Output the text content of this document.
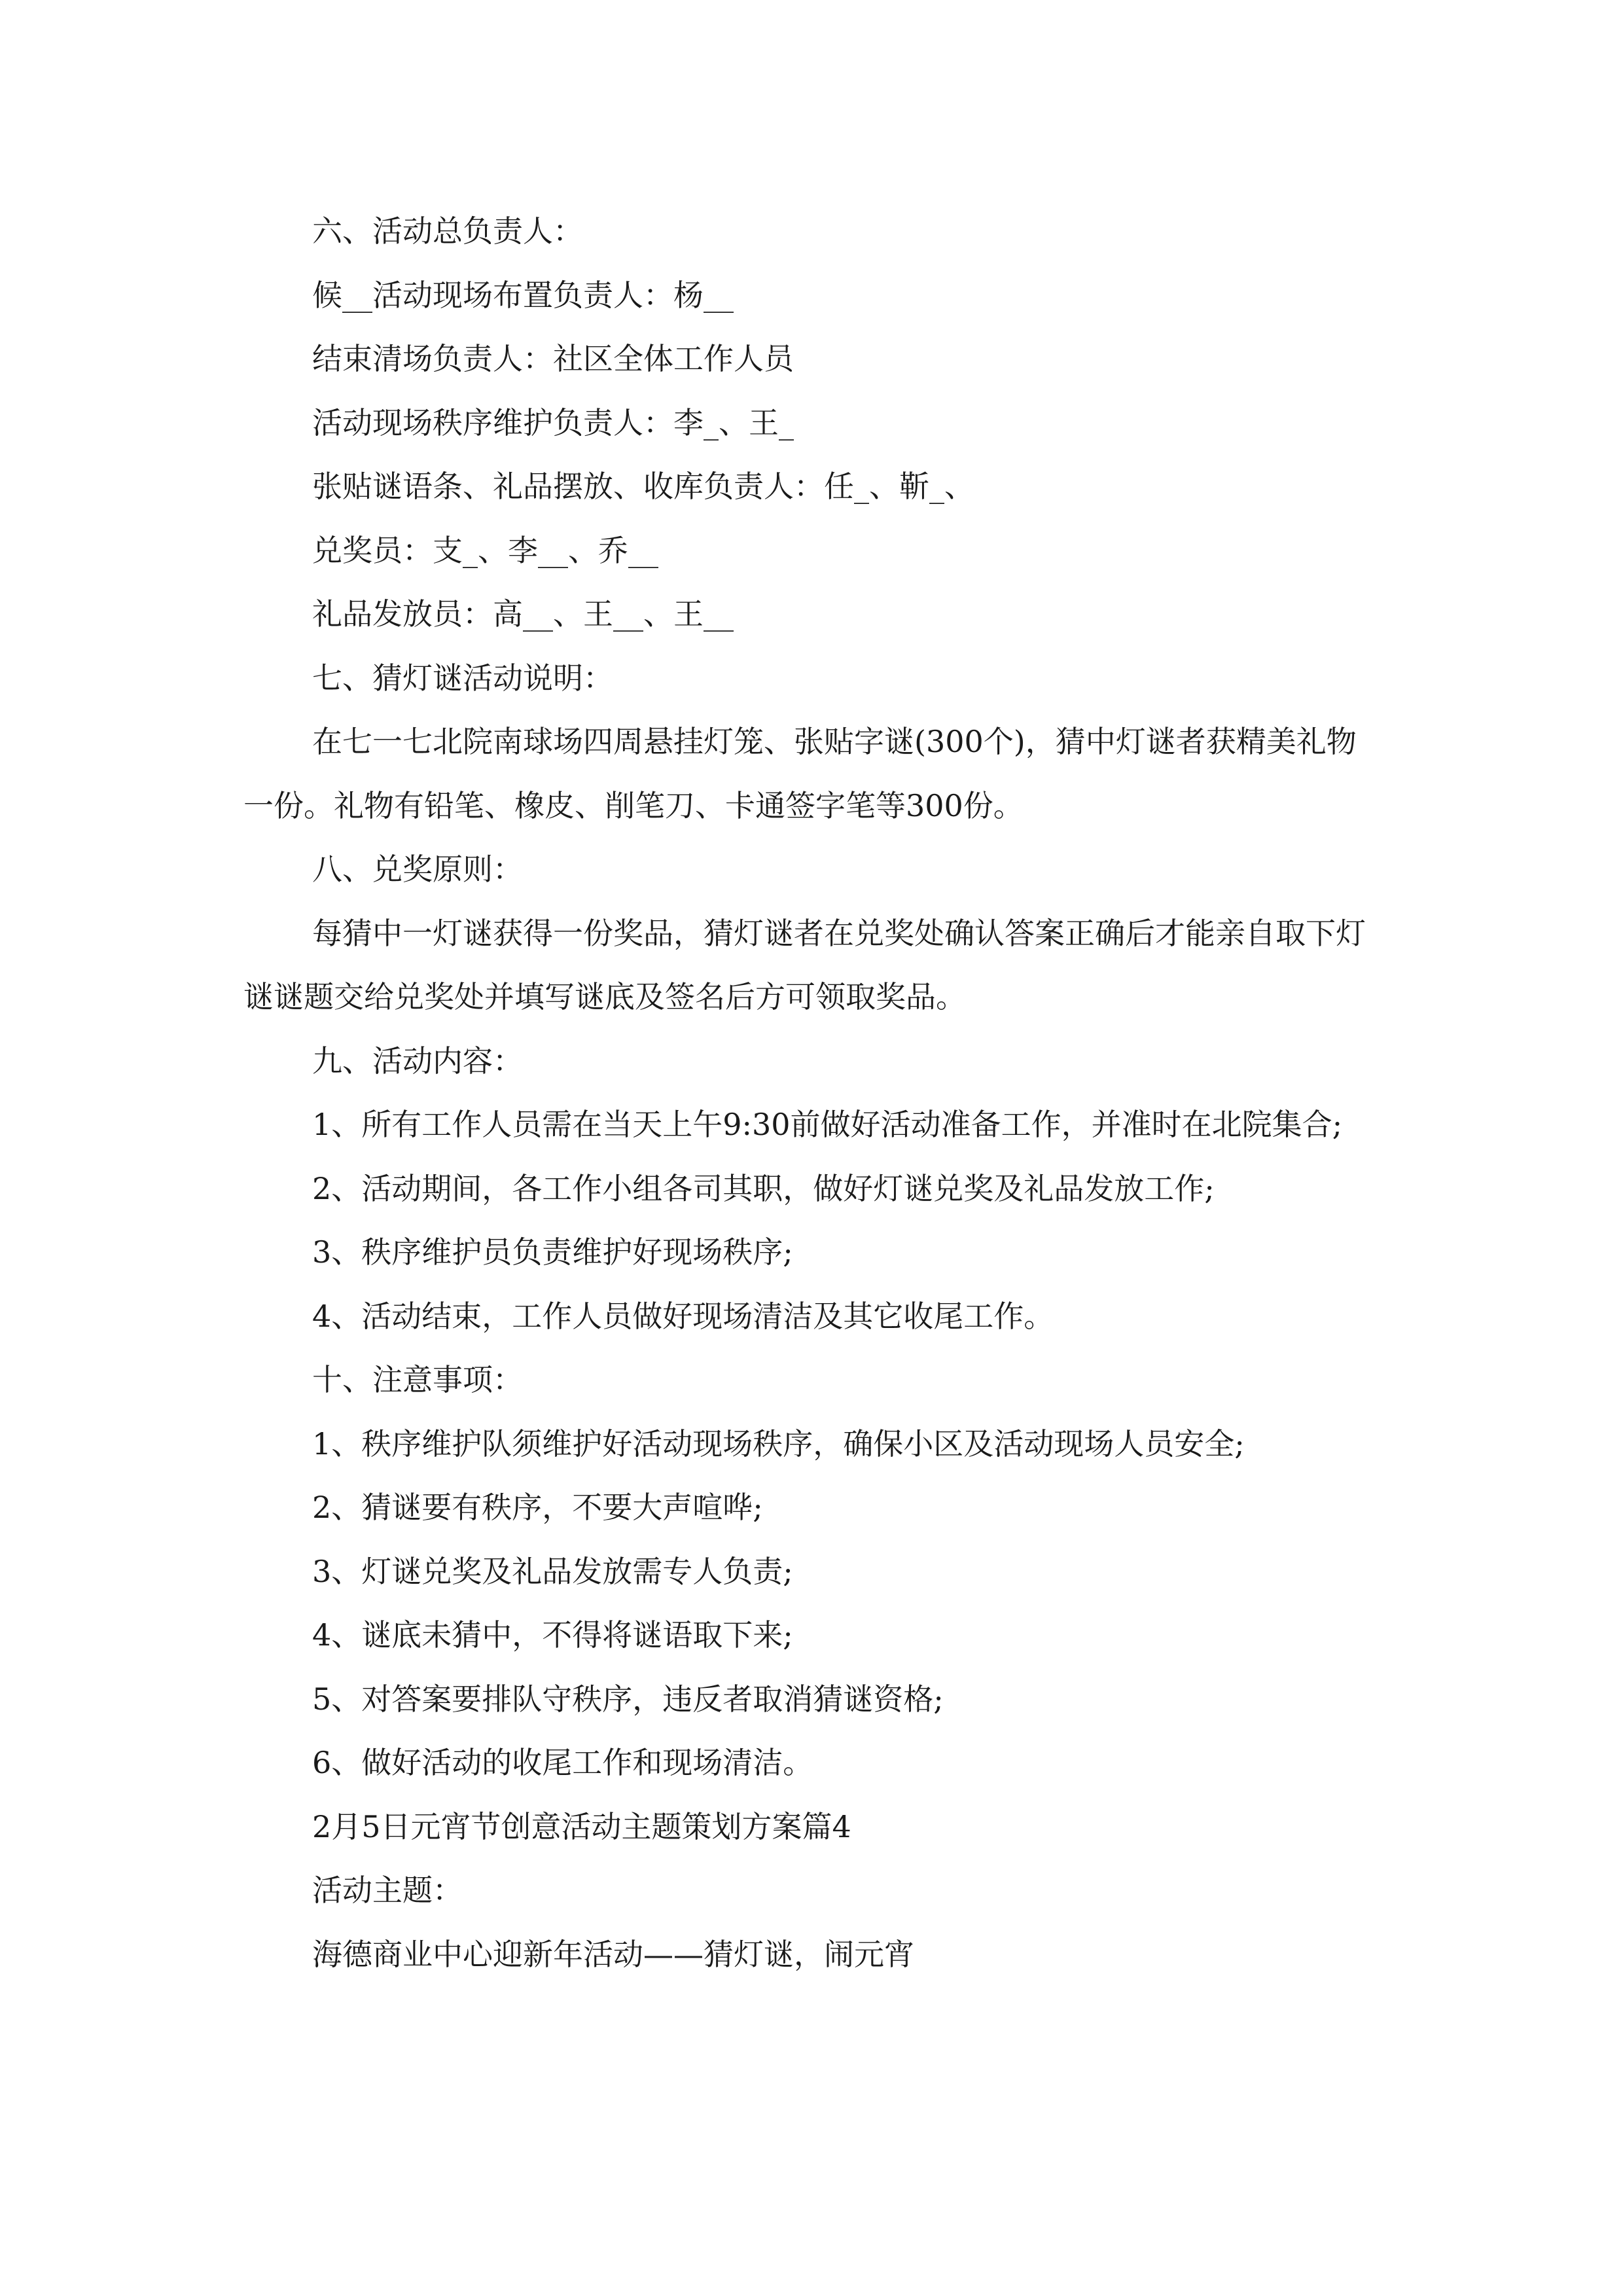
六、活动总负责人：

候__活动现场布置负责人：杨__

结束清场负责人：社区全体工作人员

活动现场秩序维护负责人：李_、王_

张贴谜语条、礼品摆放、收库负责人：任_、靳_、

兑奖员：支_、李__、乔__

礼品发放员：高__、王__、王__

七、猜灯谜活动说明：

在七一七北院南球场四周悬挂灯笼、张贴字谜(300个)，猜中灯谜者获精美礼物一份。礼物有铅笔、橡皮、削笔刀、卡通签字笔等300份。

八、兑奖原则：

每猜中一灯谜获得一份奖品，猜灯谜者在兑奖处确认答案正确后才能亲自取下灯谜谜题交给兑奖处并填写谜底及签名后方可领取奖品。

九、活动内容：

1、所有工作人员需在当天上午9:30前做好活动准备工作，并准时在北院集合;

2、活动期间，各工作小组各司其职，做好灯谜兑奖及礼品发放工作;

3、秩序维护员负责维护好现场秩序;

4、活动结束，工作人员做好现场清洁及其它收尾工作。

十、注意事项：

1、秩序维护队须维护好活动现场秩序，确保小区及活动现场人员安全;

2、猜谜要有秩序，不要大声喧哗;

3、灯谜兑奖及礼品发放需专人负责;

4、谜底未猜中，不得将谜语取下来;

5、对答案要排队守秩序，违反者取消猜谜资格;

6、做好活动的收尾工作和现场清洁。

2月5日元宵节创意活动主题策划方案篇4

活动主题：

海德商业中心迎新年活动——猜灯谜，闹元宵
